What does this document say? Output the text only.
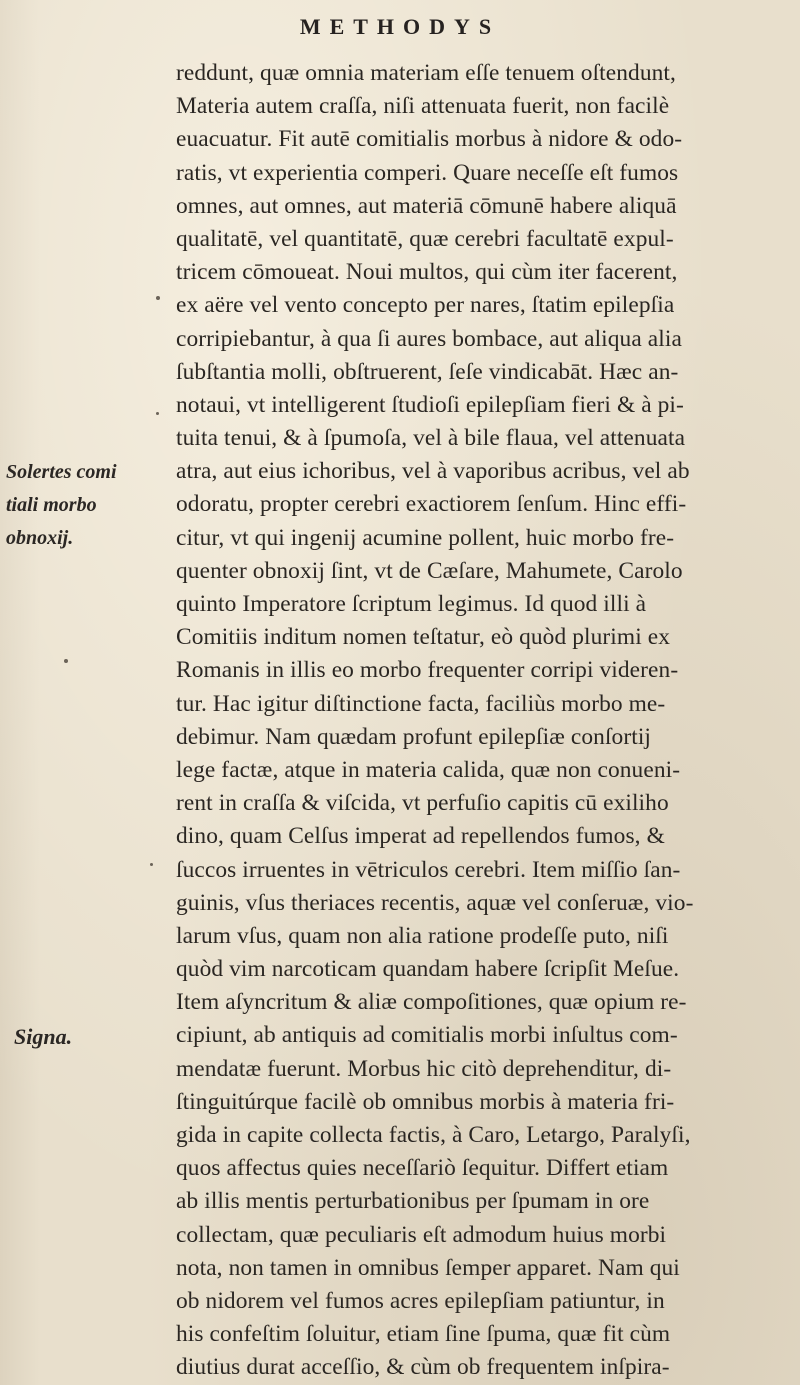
METHODYS
Solertes comi
tiali morbo
obnoxij.
Signa.
reddunt, quæ omnia materiam eſſe tenuem oſtendunt,
Materia autem craſſa, niſi attenuata fuerit, non facilè
euacuatur. Fit autē comitialis morbus à nidore & odo-
ratis, vt experientia comperi. Quare neceſſe eſt fumos
omnes, aut omnes, aut materiā cōmunē habere aliquā
qualitatē, vel quantitatē, quæ cerebri facultatē expul-
tricem cōmoueat. Noui multos, qui cùm iter facerent,
ex aëre vel vento concepto per nares, ſtatim epilepſia
corripiebantur, à qua ſi aures bombace, aut aliqua alia
ſubſtantia molli, obſtruerent, ſeſe vindicabāt. Hæc an-
notaui, vt intelligerent ſtudioſi epilepſiam fieri & à pi-
tuita tenui, & à ſpumoſa, vel à bile flaua, vel attenuata
atra, aut eius ichoribus, vel à vaporibus acribus, vel ab
odoratu, propter cerebri exactiorem ſenſum. Hinc effi-
citur, vt qui ingenij acumine pollent, huic morbo fre-
quenter obnoxij ſint, vt de Cæſare, Mahumete, Carolo
quinto Imperatore ſcriptum legimus. Id quod illi à
Comitiis inditum nomen teſtatur, eò quòd plurimi ex
Romanis in illis eo morbo frequenter corripi videren-
tur. Hac igitur diſtinctione facta, faciliùs morbo me-
debimur. Nam quædam profunt epilepſiæ conſortij
lege factæ, atque in materia calida, quæ non conueni-
rent in craſſa & viſcida, vt perfuſio capitis cū exiliho
dino, quam Celſus imperat ad repellendos fumos, &
ſuccos irruentes in vētriculos cerebri. Item miſſio ſan-
guinis, vſus theriaces recentis, aquæ vel conſeruæ, vio-
larum vſus, quam non alia ratione prodeſſe puto, niſi
quòd vim narcoticam quandam habere ſcripſit Meſue.
Item aſyncritum & aliæ compoſitiones, quæ opium re-
cipiunt, ab antiquis ad comitialis morbi inſultus com-
mendatæ fuerunt. Morbus hic citò deprehenditur, di-
ſtinguitúrque facilè ob omnibus morbis à materia fri-
gida in capite collecta factis, à Caro, Letargo, Paralyſi,
quos affectus quies neceſſariò ſequitur. Differt etiam
ab illis mentis perturbationibus per ſpumam in ore
collectam, quæ peculiaris eſt admodum huius morbi
nota, non tamen in omnibus ſemper apparet. Nam qui
ob nidorem vel fumos acres epilepſiam patiuntur, in
his confeſtim ſoluitur, etiam ſine ſpuma, quæ fit cùm
diutius durat acceſſio, & cùm ob frequentem inſpira-
